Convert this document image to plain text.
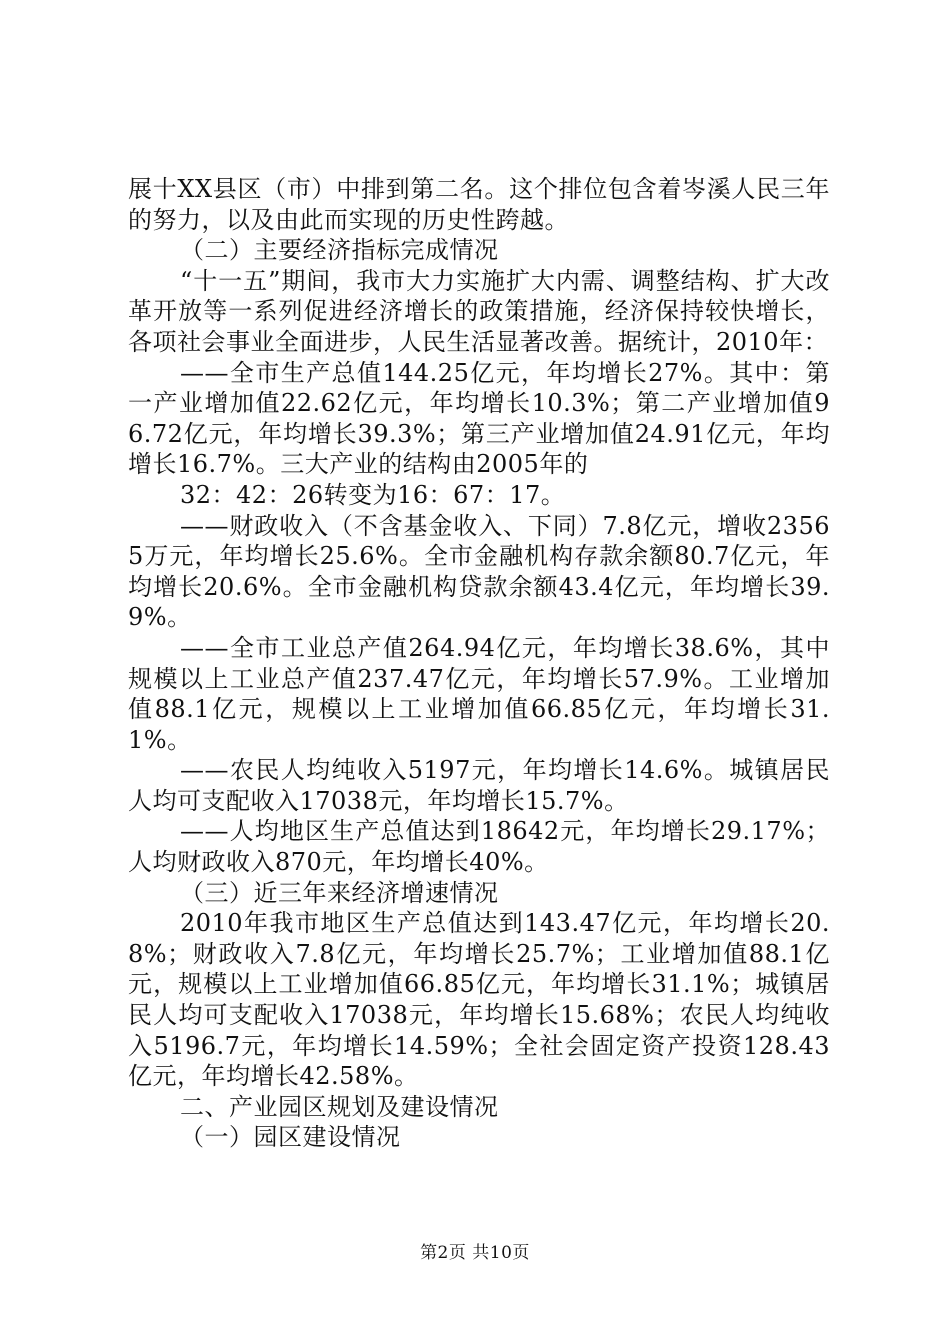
展十XX县区（市）中排到第二名。这个排位包含着岑溪人民三年的努力，以及由此而实现的历史性跨越。

（二）主要经济指标完成情况

“十一五”期间，我市大力实施扩大内需、调整结构、扩大改革开放等一系列促进经济增长的政策措施，经济保持较快增长，各项社会事业全面进步，人民生活显著改善。据统计，2010年：

——全市生产总值144.25亿元，年均增长27%。其中：第一产业增加值22.62亿元，年均增长10.3%；第二产业增加值96.72亿元，年均增长39.3%；第三产业增加值24.91亿元，年均增长16.7%。三大产业的结构由2005年的

32：42：26转变为16：67：17。

——财政收入（不含基金收入、下同）7.8亿元，增收23565万元，年均增长25.6%。全市金融机构存款余额80.7亿元，年均增长20.6%。全市金融机构贷款余额43.4亿元，年均增长39.9%。

——全市工业总产值264.94亿元，年均增长38.6%，其中规模以上工业总产值237.47亿元，年均增长57.9%。工业增加值88.1亿元，规模以上工业增加值66.85亿元，年均增长31.1%。

——农民人均纯收入5197元，年均增长14.6%。城镇居民人均可支配收入17038元，年均增长15.7%。

——人均地区生产总值达到18642元，年均增长29.17%；人均财政收入870元，年均增长40%。

（三）近三年来经济增速情况

2010年我市地区生产总值达到143.47亿元，年均增长20.8%；财政收入7.8亿元，年均增长25.7%；工业增加值88.1亿元，规模以上工业增加值66.85亿元，年均增长31.1%；城镇居民人均可支配收入17038元，年均增长15.68%；农民人均纯收入5196.7元，年均增长14.59%；全社会固定资产投资128.43亿元，年均增长42.58%。

二、产业园区规划及建设情况

（一）园区建设情况

第2页 共10页
